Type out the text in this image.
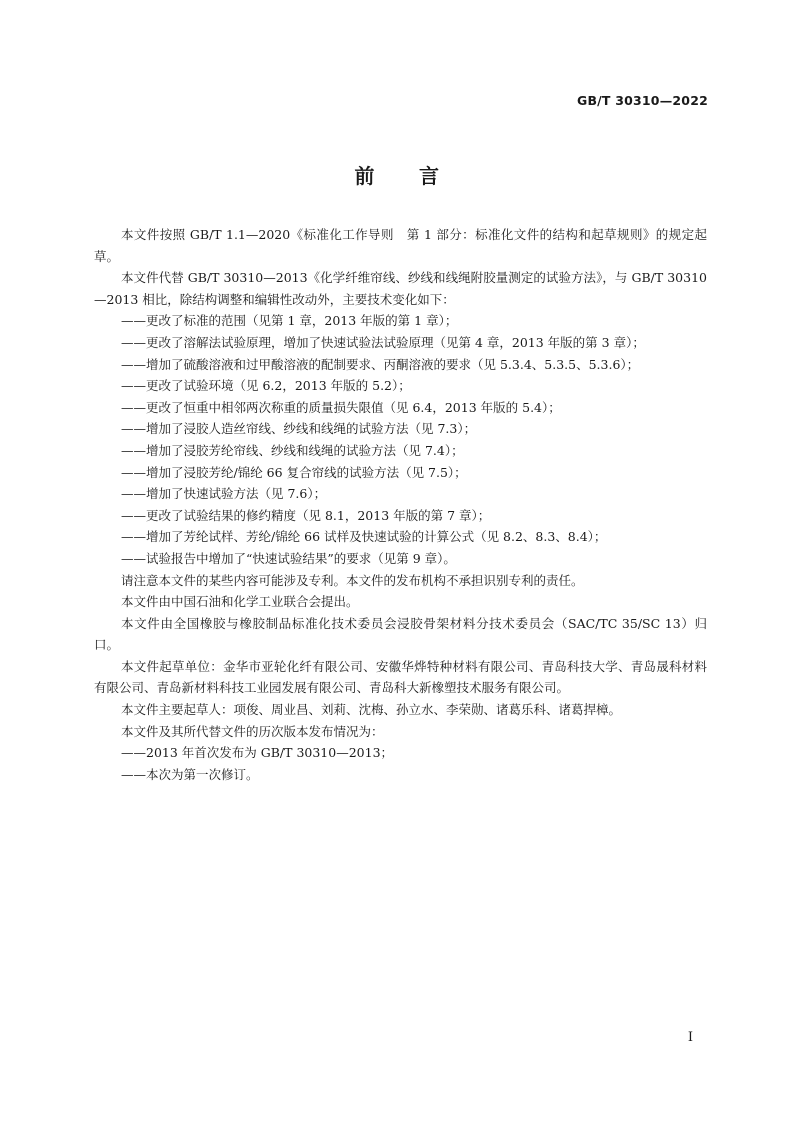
GB/T 30310—2022
前 言

本文件按照 GB/T 1.1—2020《标准化工作导则　第 1 部分：标准化文件的结构和起草规则》的规定起草。

本文件代替 GB/T 30310—2013《化学纤维帘线、纱线和线绳附胶量测定的试验方法》，与 GB/T 30310—2013 相比，除结构调整和编辑性改动外，主要技术变化如下：

——更改了标准的范围（见第 1 章，2013 年版的第 1 章）；

——更改了溶解法试验原理，增加了快速试验法试验原理（见第 4 章，2013 年版的第 3 章）；

——增加了硫酸溶液和过甲酸溶液的配制要求、丙酮溶液的要求（见 5.3.4、5.3.5、5.3.6）；

——更改了试验环境（见 6.2，2013 年版的 5.2）；

——更改了恒重中相邻两次称重的质量损失限值（见 6.4，2013 年版的 5.4）；

——增加了浸胶人造丝帘线、纱线和线绳的试验方法（见 7.3）；

——增加了浸胶芳纶帘线、纱线和线绳的试验方法（见 7.4）；

——增加了浸胶芳纶/锦纶 66 复合帘线的试验方法（见 7.5）；

——增加了快速试验方法（见 7.6）；

——更改了试验结果的修约精度（见 8.1，2013 年版的第 7 章）；

——增加了芳纶试样、芳纶/锦纶 66 试样及快速试验的计算公式（见 8.2、8.3、8.4）；

——试验报告中增加了“快速试验结果”的要求（见第 9 章）。

请注意本文件的某些内容可能涉及专利。本文件的发布机构不承担识别专利的责任。

本文件由中国石油和化学工业联合会提出。

本文件由全国橡胶与橡胶制品标准化技术委员会浸胶骨架材料分技术委员会（SAC/TC 35/SC 13）归口。

本文件起草单位：金华市亚轮化纤有限公司、安徽华烨特种材料有限公司、青岛科技大学、青岛晟科材料有限公司、青岛新材料科技工业园发展有限公司、青岛科大新橡塑技术服务有限公司。

本文件主要起草人：项俊、周业昌、刘莉、沈梅、孙立水、李荣勋、诸葛乐科、诸葛捍樟。

本文件及其所代替文件的历次版本发布情况为：

——2013 年首次发布为 GB/T 30310—2013；

——本次为第一次修订。

I
